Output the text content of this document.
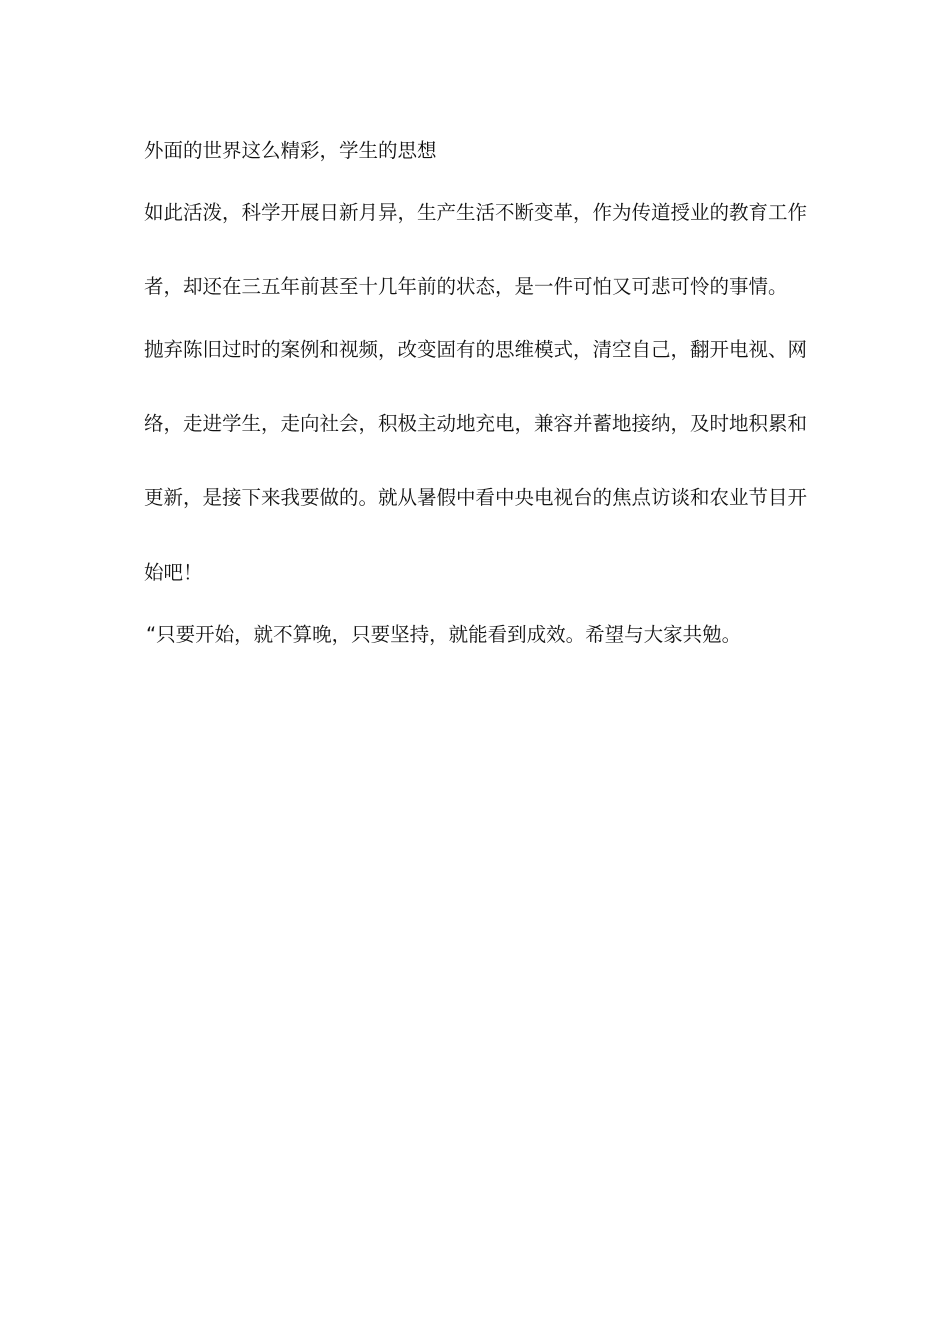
外面的世界这么精彩，学生的思想
如此活泼，科学开展日新月异，生产生活不断变革，作为传道授业的教育工作
者，却还在三五年前甚至十几年前的状态，是一件可怕又可悲可怜的事情。
抛弃陈旧过时的案例和视频，改变固有的思维模式，清空自己，翻开电视、网
络，走进学生，走向社会，积极主动地充电，兼容并蓄地接纳，及时地积累和
更新，是接下来我要做的。就从暑假中看中央电视台的焦点访谈和农业节目开
始吧！
“只要开始，就不算晚，只要坚持，就能看到成效。希望与大家共勉。
